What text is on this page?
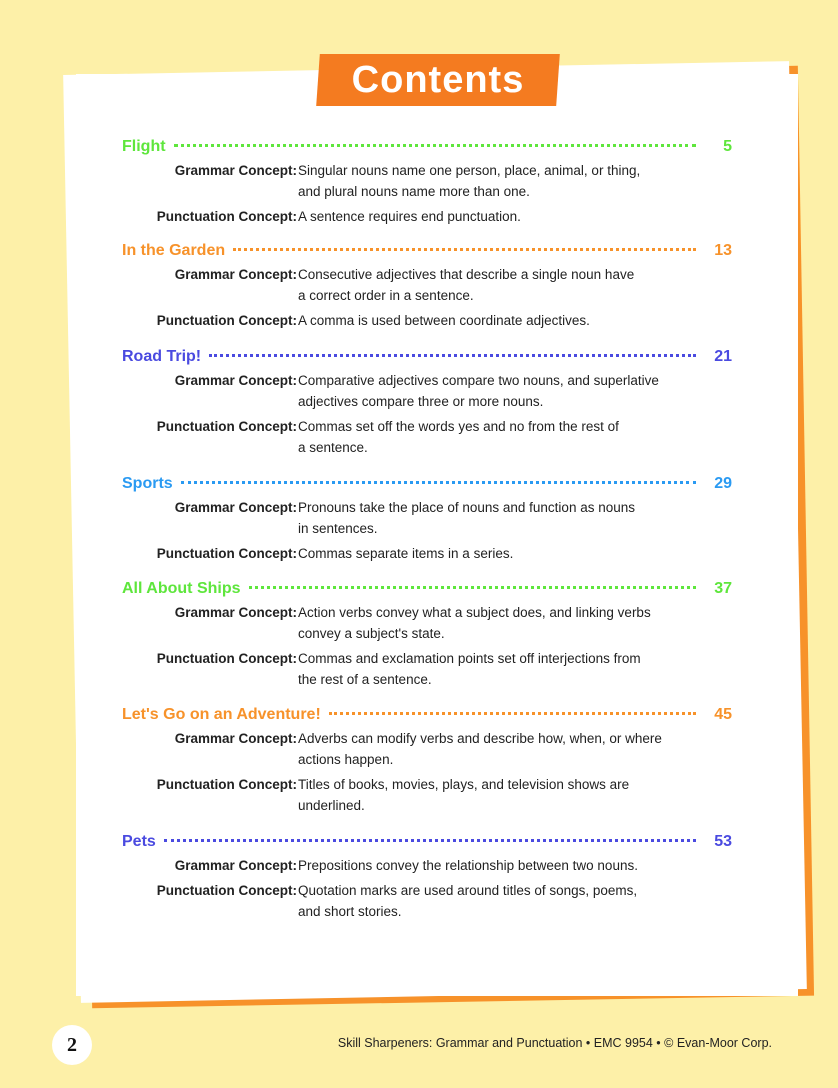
Contents
Flight	5
Grammar Concept: Singular nouns name one person, place, animal, or thing,
and plural nouns name more than one.
Punctuation Concept: A sentence requires end punctuation.
In the Garden	13
Grammar Concept: Consecutive adjectives that describe a single noun have
a correct order in a sentence.
Punctuation Concept: A comma is used between coordinate adjectives.
Road Trip!	21
Grammar Concept: Comparative adjectives compare two nouns, and superlative
adjectives compare three or more nouns.
Punctuation Concept: Commas set off the words yes and no from the rest of
a sentence.
Sports	29
Grammar Concept: Pronouns take the place of nouns and function as nouns
in sentences.
Punctuation Concept: Commas separate items in a series.
All About Ships	37
Grammar Concept: Action verbs convey what a subject does, and linking verbs
convey a subject's state.
Punctuation Concept: Commas and exclamation points set off interjections from
the rest of a sentence.
Let's Go on an Adventure!	45
Grammar Concept: Adverbs can modify verbs and describe how, when, or where
actions happen.
Punctuation Concept: Titles of books, movies, plays, and television shows are
underlined.
Pets	53
Grammar Concept: Prepositions convey the relationship between two nouns.
Punctuation Concept: Quotation marks are used around titles of songs, poems,
and short stories.
2	Skill Sharpeners: Grammar and Punctuation • EMC 9954 • © Evan-Moor Corp.
